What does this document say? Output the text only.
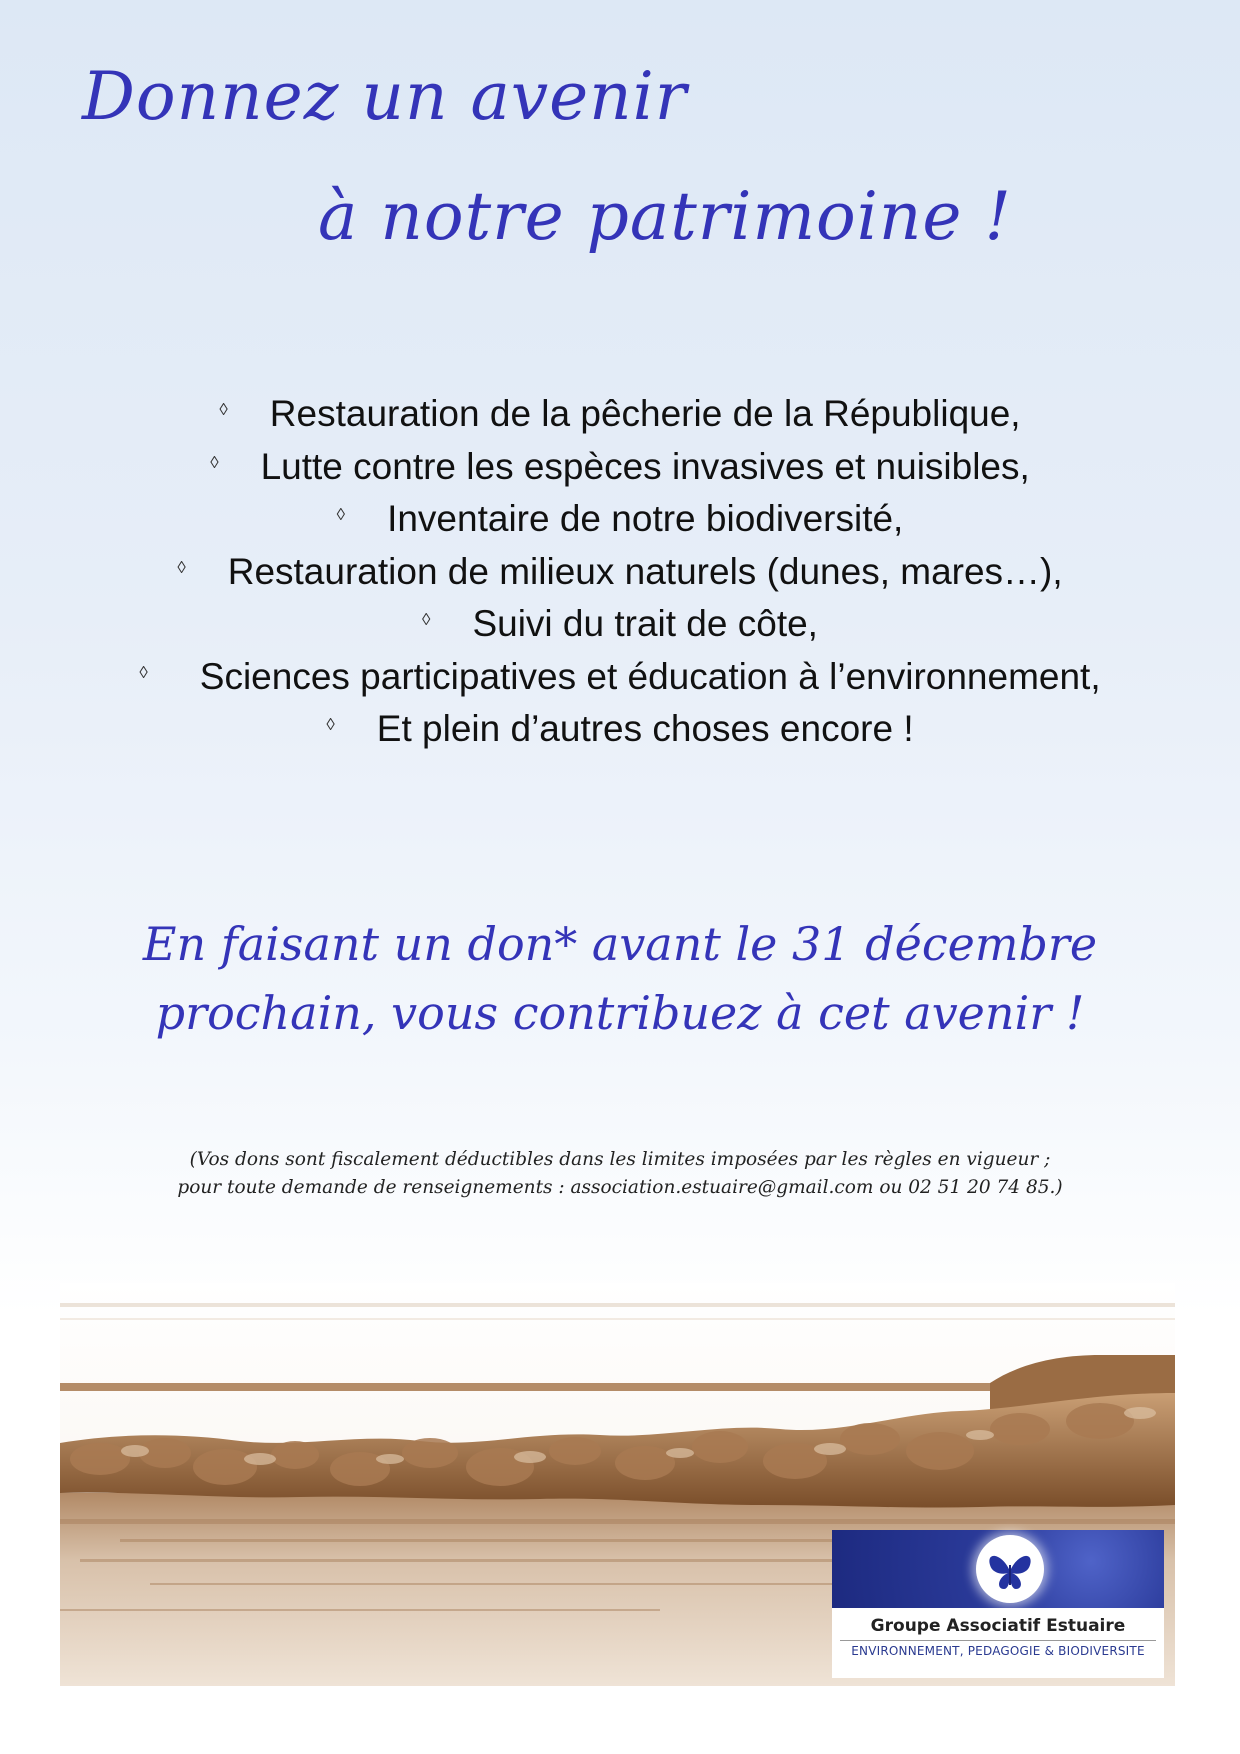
Donnez un avenir
à notre patrimoine !
◊ Restauration de la pêcherie de la République,
◊ Lutte contre les espèces invasives et nuisibles,
◊ Inventaire de notre biodiversité,
◊ Restauration de milieux naturels (dunes, mares…),
◊ Suivi du trait de côte,
◊ Sciences participatives et éducation à l’environnement,
◊ Et plein d’autres choses encore !
En faisant un don* avant le 31 décembre
prochain, vous contribuez à cet avenir !
(Vos dons sont fiscalement déductibles dans les limites imposées par les règles en vigueur ;
pour toute demande de renseignements : association.estuaire@gmail.com ou 02 51 20 74 85.)
Groupe Associatif Estuaire
ENVIRONNEMENT, PEDAGOGIE & BIODIVERSITE
